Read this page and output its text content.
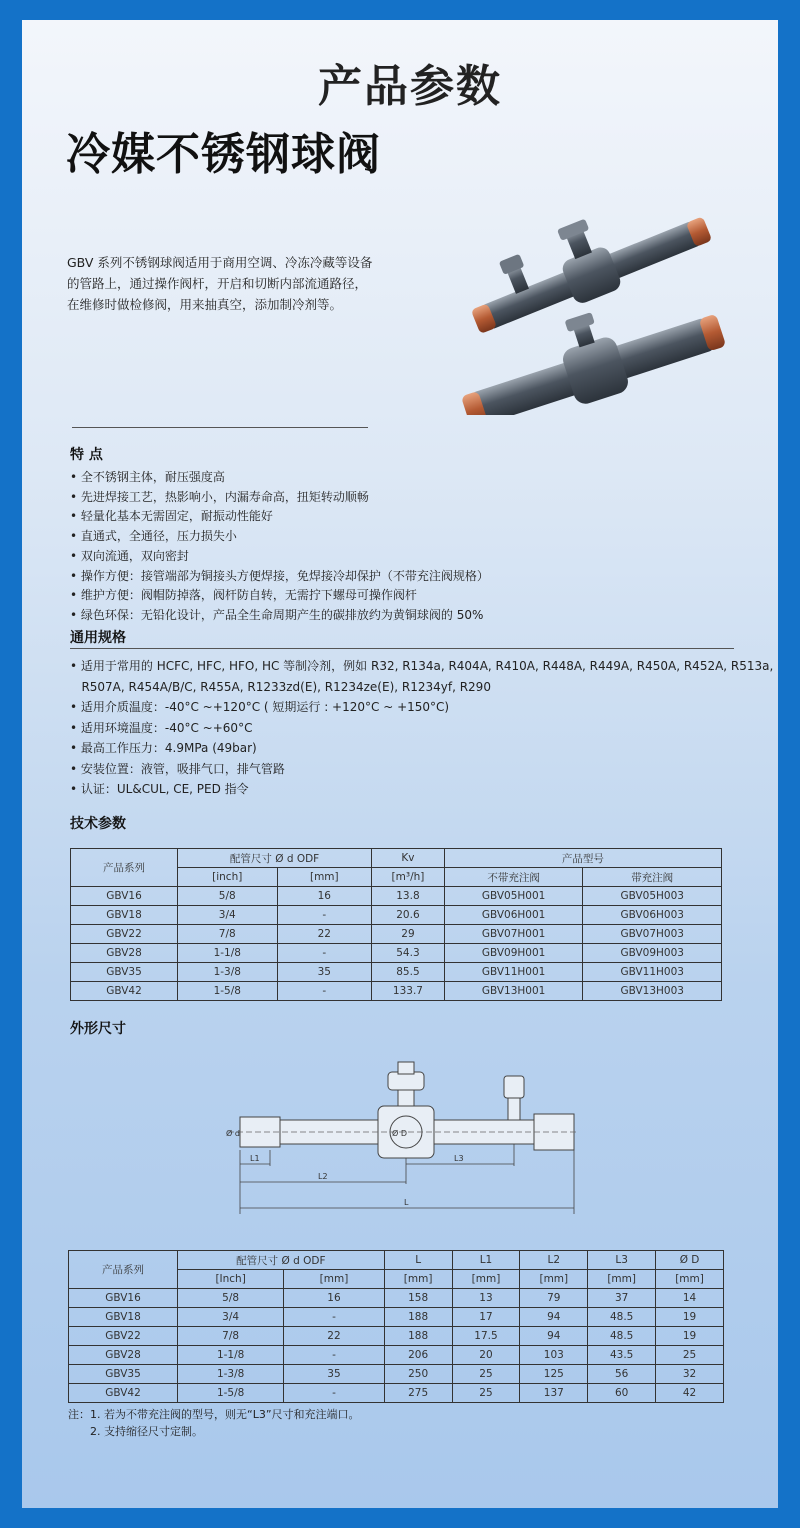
产品参数
冷媒不锈钢球阀
GBV 系列不锈钢球阀适用于商用空调、冷冻冷藏等设备
的管路上，通过操作阀杆，开启和切断内部流通路径，
在维修时做检修阀，用来抽真空，添加制冷剂等。
特 点
• 全不锈钢主体，耐压强度高
• 先进焊接工艺，热影响小，内漏寿命高，扭矩转动顺畅
• 轻量化基本无需固定，耐振动性能好
• 直通式，全通径，压力损失小
• 双向流通，双向密封
• 操作方便：接管端部为铜接头方便焊接，免焊接冷却保护（不带充注阀规格）
• 维护方便：阀帽防掉落，阀杆防自转，无需拧下螺母可操作阀杆
• 绿色环保：无铅化设计，产品全生命周期产生的碳排放约为黄铜球阀的 50%
通用规格
• 适用于常用的 HCFC, HFC, HFO, HC 等制冷剂，例如 R32, R134a, R404A, R410A, R448A, R449A, R450A, R452A, R513a,
R507A, R454A/B/C, R455A, R1233zd(E), R1234ze(E), R1234yf, R290
• 适用介质温度：-40°C ~+120°C ( 短期运行 : +120°C ~ +150°C)
• 适用环境温度：-40°C ~+60°C
• 最高工作压力：4.9MPa (49bar)
• 安装位置：液管，吸排气口，排气管路
• 认证：UL&CUL, CE, PED 指令
技术参数
产品系列	配管尺寸 Ø d ODF		Kv	产品型号	
	[inch]	[mm]	[m³/h]	不带充注阀	带充注阀
GBV16	5/8	16	13.8	GBV05H001	GBV05H003
GBV18	3/4	-	20.6	GBV06H001	GBV06H003
GBV22	7/8	22	29	GBV07H001	GBV07H003
GBV28	1-1/8	-	54.3	GBV09H001	GBV09H003
GBV35	1-3/8	35	85.5	GBV11H001	GBV11H003
GBV42	1-5/8	-	133.7	GBV13H001	GBV13H003
外形尺寸
Ø d	Ø D
L1	L3
L2
L
产品系列	配管尺寸 Ø d ODF		L	L1	L2	L3	Ø D
	[Inch]	[mm]	[mm]	[mm]	[mm]	[mm]	[mm]
GBV16	5/8	16	158	13	79	37	14
GBV18	3/4	-	188	17	94	48.5	19
GBV22	7/8	22	188	17.5	94	48.5	19
GBV28	1-1/8	-	206	20	103	43.5	25
GBV35	1-3/8	35	250	25	125	56	32
GBV42	1-5/8	-	275	25	137	60	42
注：1. 若为不带充注阀的型号，则无“L3”尺寸和充注端口。
2. 支持缩径尺寸定制。
